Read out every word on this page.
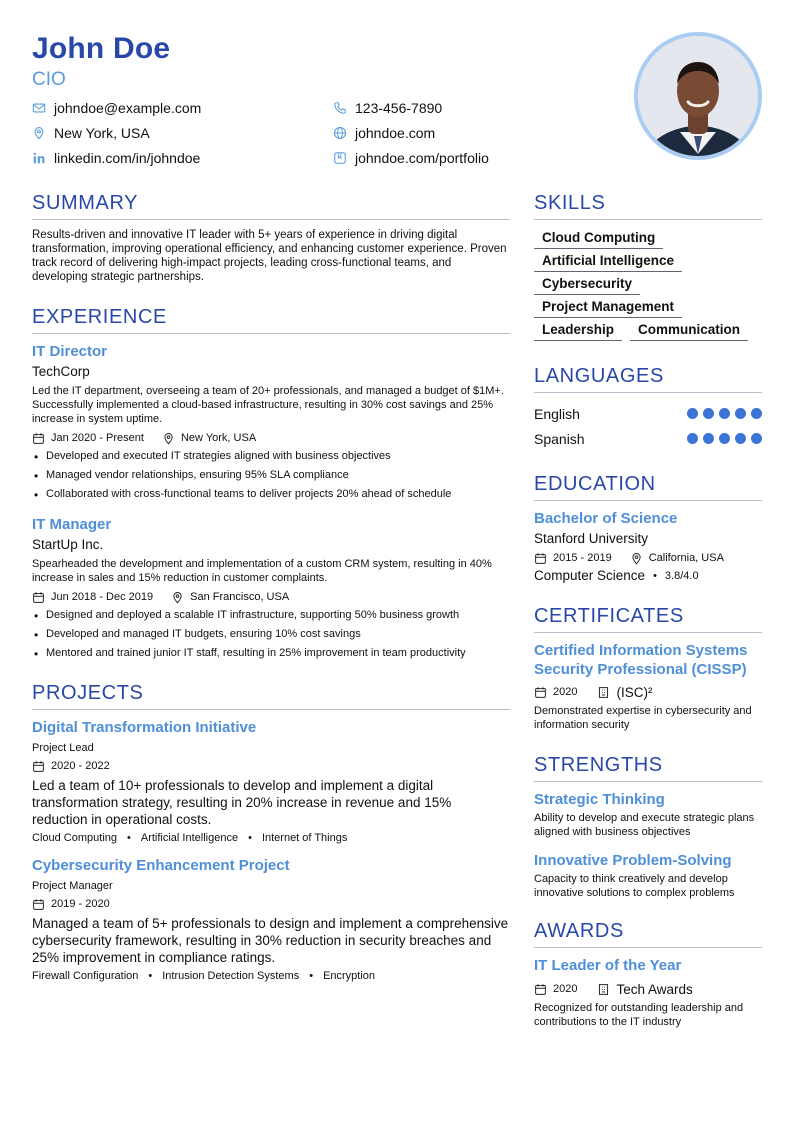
John Doe
CIO
johndoe@example.com	123-456-7890
New York, USA	johndoe.com
linkedin.com/in/johndoe	johndoe.com/portfolio
SUMMARY
Results-driven and innovative IT leader with 5+ years of experience in driving digital transformation, improving operational efficiency, and enhancing customer experience. Proven track record of delivering high-impact projects, leading cross-functional teams, and developing strategic partnerships.
EXPERIENCE
IT Director
TechCorp
Led the IT department, overseeing a team of 20+ professionals, and managed a budget of $1M+. Successfully implemented a cloud-based infrastructure, resulting in 30% cost savings and 25% increase in system uptime.
Jan 2020 - Present	New York, USA
• Developed and executed IT strategies aligned with business objectives
• Managed vendor relationships, ensuring 95% SLA compliance
• Collaborated with cross-functional teams to deliver projects 20% ahead of schedule
IT Manager
StartUp Inc.
Spearheaded the development and implementation of a custom CRM system, resulting in 40% increase in sales and 15% reduction in customer complaints.
Jun 2018 - Dec 2019	San Francisco, USA
• Designed and deployed a scalable IT infrastructure, supporting 50% business growth
• Developed and managed IT budgets, ensuring 10% cost savings
• Mentored and trained junior IT staff, resulting in 25% improvement in team productivity
PROJECTS
Digital Transformation Initiative
Project Lead
2020 - 2022
Led a team of 10+ professionals to develop and implement a digital transformation strategy, resulting in 20% increase in revenue and 15% reduction in operational costs.
Cloud Computing • Artificial Intelligence • Internet of Things
Cybersecurity Enhancement Project
Project Manager
2019 - 2020
Managed a team of 5+ professionals to design and implement a comprehensive cybersecurity framework, resulting in 30% reduction in security breaches and 25% improvement in compliance ratings.
Firewall Configuration • Intrusion Detection Systems • Encryption
SKILLS
Cloud Computing
Artificial Intelligence
Cybersecurity
Project Management
Leadership	Communication
LANGUAGES
English
Spanish
EDUCATION
Bachelor of Science
Stanford University
2015 - 2019	California, USA
Computer Science • 3.8/4.0
CERTIFICATES
Certified Information Systems Security Professional (CISSP)
2020	(ISC)²
Demonstrated expertise in cybersecurity and information security
STRENGTHS
Strategic Thinking
Ability to develop and execute strategic plans aligned with business objectives
Innovative Problem-Solving
Capacity to think creatively and develop innovative solutions to complex problems
AWARDS
IT Leader of the Year
2020	Tech Awards
Recognized for outstanding leadership and contributions to the IT industry
